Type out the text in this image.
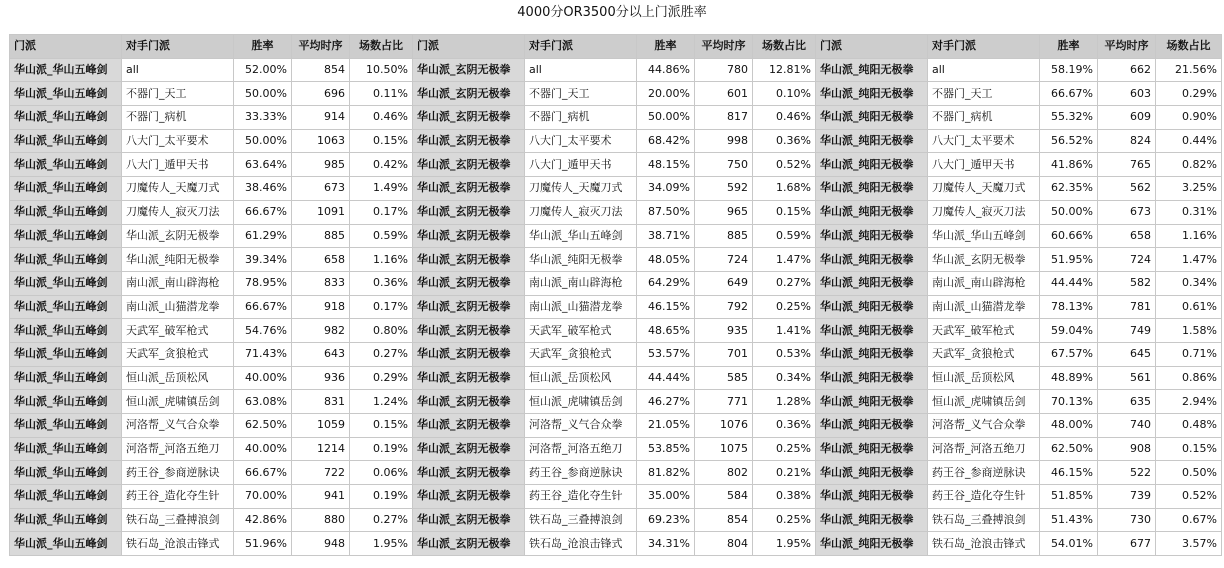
4000分OR3500分以上门派胜率
门派	对手门派	胜率	平均时序	场数占比	门派	对手门派	胜率	平均时序	场数占比	门派	对手门派	胜率	平均时序	场数占比
华山派_华山五峰剑	all	52.00%	854	10.50%	华山派_玄阴无极拳	all	44.86%	780	12.81%	华山派_纯阳无极拳	all	58.19%	662	21.56%
华山派_华山五峰剑	不器门_天工	50.00%	696	0.11%	华山派_玄阴无极拳	不器门_天工	20.00%	601	0.10%	华山派_纯阳无极拳	不器门_天工	66.67%	603	0.29%
华山派_华山五峰剑	不器门_病机	33.33%	914	0.46%	华山派_玄阴无极拳	不器门_病机	50.00%	817	0.46%	华山派_纯阳无极拳	不器门_病机	55.32%	609	0.90%
华山派_华山五峰剑	八大门_太平要术	50.00%	1063	0.15%	华山派_玄阴无极拳	八大门_太平要术	68.42%	998	0.36%	华山派_纯阳无极拳	八大门_太平要术	56.52%	824	0.44%
华山派_华山五峰剑	八大门_遁甲天书	63.64%	985	0.42%	华山派_玄阴无极拳	八大门_遁甲天书	48.15%	750	0.52%	华山派_纯阳无极拳	八大门_遁甲天书	41.86%	765	0.82%
华山派_华山五峰剑	刀魔传人_天魔刀式	38.46%	673	1.49%	华山派_玄阴无极拳	刀魔传人_天魔刀式	34.09%	592	1.68%	华山派_纯阳无极拳	刀魔传人_天魔刀式	62.35%	562	3.25%
华山派_华山五峰剑	刀魔传人_寂灭刀法	66.67%	1091	0.17%	华山派_玄阴无极拳	刀魔传人_寂灭刀法	87.50%	965	0.15%	华山派_纯阳无极拳	刀魔传人_寂灭刀法	50.00%	673	0.31%
华山派_华山五峰剑	华山派_玄阴无极拳	61.29%	885	0.59%	华山派_玄阴无极拳	华山派_华山五峰剑	38.71%	885	0.59%	华山派_纯阳无极拳	华山派_华山五峰剑	60.66%	658	1.16%
华山派_华山五峰剑	华山派_纯阳无极拳	39.34%	658	1.16%	华山派_玄阴无极拳	华山派_纯阳无极拳	48.05%	724	1.47%	华山派_纯阳无极拳	华山派_玄阴无极拳	51.95%	724	1.47%
华山派_华山五峰剑	南山派_南山辟海枪	78.95%	833	0.36%	华山派_玄阴无极拳	南山派_南山辟海枪	64.29%	649	0.27%	华山派_纯阳无极拳	南山派_南山辟海枪	44.44%	582	0.34%
华山派_华山五峰剑	南山派_山猫潜龙拳	66.67%	918	0.17%	华山派_玄阴无极拳	南山派_山猫潜龙拳	46.15%	792	0.25%	华山派_纯阳无极拳	南山派_山猫潜龙拳	78.13%	781	0.61%
华山派_华山五峰剑	天武军_破军枪式	54.76%	982	0.80%	华山派_玄阴无极拳	天武军_破军枪式	48.65%	935	1.41%	华山派_纯阳无极拳	天武军_破军枪式	59.04%	749	1.58%
华山派_华山五峰剑	天武军_贪狼枪式	71.43%	643	0.27%	华山派_玄阴无极拳	天武军_贪狼枪式	53.57%	701	0.53%	华山派_纯阳无极拳	天武军_贪狼枪式	67.57%	645	0.71%
华山派_华山五峰剑	恒山派_岳顶松风	40.00%	936	0.29%	华山派_玄阴无极拳	恒山派_岳顶松风	44.44%	585	0.34%	华山派_纯阳无极拳	恒山派_岳顶松风	48.89%	561	0.86%
华山派_华山五峰剑	恒山派_虎啸镇岳剑	63.08%	831	1.24%	华山派_玄阴无极拳	恒山派_虎啸镇岳剑	46.27%	771	1.28%	华山派_纯阳无极拳	恒山派_虎啸镇岳剑	70.13%	635	2.94%
华山派_华山五峰剑	河洛帮_义气合众拳	62.50%	1059	0.15%	华山派_玄阴无极拳	河洛帮_义气合众拳	21.05%	1076	0.36%	华山派_纯阳无极拳	河洛帮_义气合众拳	48.00%	740	0.48%
华山派_华山五峰剑	河洛帮_河洛五绝刀	40.00%	1214	0.19%	华山派_玄阴无极拳	河洛帮_河洛五绝刀	53.85%	1075	0.25%	华山派_纯阳无极拳	河洛帮_河洛五绝刀	62.50%	908	0.15%
华山派_华山五峰剑	药王谷_参商逆脉诀	66.67%	722	0.06%	华山派_玄阴无极拳	药王谷_参商逆脉诀	81.82%	802	0.21%	华山派_纯阳无极拳	药王谷_参商逆脉诀	46.15%	522	0.50%
华山派_华山五峰剑	药王谷_造化夺生针	70.00%	941	0.19%	华山派_玄阴无极拳	药王谷_造化夺生针	35.00%	584	0.38%	华山派_纯阳无极拳	药王谷_造化夺生针	51.85%	739	0.52%
华山派_华山五峰剑	铁石岛_三叠搏浪剑	42.86%	880	0.27%	华山派_玄阴无极拳	铁石岛_三叠搏浪剑	69.23%	854	0.25%	华山派_纯阳无极拳	铁石岛_三叠搏浪剑	51.43%	730	0.67%
华山派_华山五峰剑	铁石岛_沧浪击锋式	51.96%	948	1.95%	华山派_玄阴无极拳	铁石岛_沧浪击锋式	34.31%	804	1.95%	华山派_纯阳无极拳	铁石岛_沧浪击锋式	54.01%	677	3.57%
